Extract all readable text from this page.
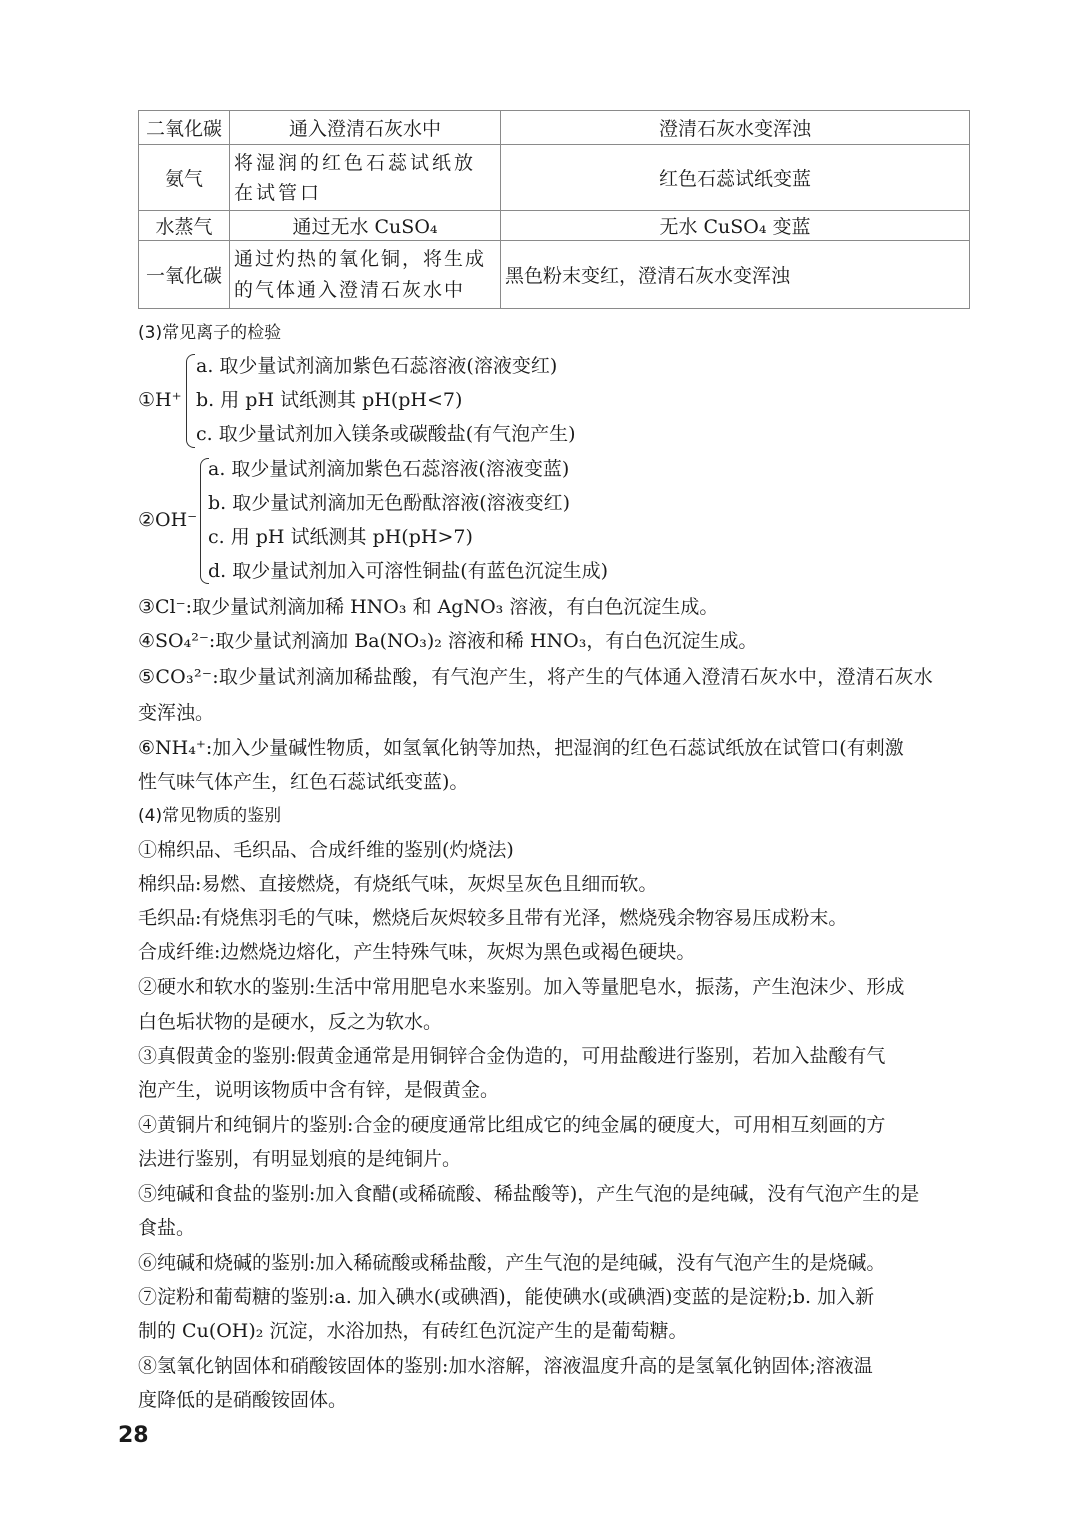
二氧化碳	通入澄清石灰水中	澄清石灰水变浑浊
氨气	将湿润的红色石蕊试纸放在试管口	红色石蕊试纸变蓝
水蒸气	通过无水 CuSO₄	无水 CuSO₄ 变蓝
一氧化碳	通过灼热的氧化铜，将生成的气体通入澄清石灰水中	黑色粉末变红，澄清石灰水变浑浊
(3)常见离子的检验
①H⁺
a. 取少量试剂滴加紫色石蕊溶液(溶液变红)
b. 用 pH 试纸测其 pH(pH<7)
c. 取少量试剂加入镁条或碳酸盐(有气泡产生)
②OH⁻
a. 取少量试剂滴加紫色石蕊溶液(溶液变蓝)
b. 取少量试剂滴加无色酚酞溶液(溶液变红)
c. 用 pH 试纸测其 pH(pH>7)
d. 取少量试剂加入可溶性铜盐(有蓝色沉淀生成)
③Cl⁻:取少量试剂滴加稀 HNO₃ 和 AgNO₃ 溶液，有白色沉淀生成。
④SO₄²⁻:取少量试剂滴加 Ba(NO₃)₂ 溶液和稀 HNO₃，有白色沉淀生成。
⑤CO₃²⁻:取少量试剂滴加稀盐酸，有气泡产生，将产生的气体通入澄清石灰水中，澄清石灰水
变浑浊。
⑥NH₄⁺:加入少量碱性物质，如氢氧化钠等加热，把湿润的红色石蕊试纸放在试管口(有刺激
性气味气体产生，红色石蕊试纸变蓝)。
(4)常见物质的鉴别
①棉织品、毛织品、合成纤维的鉴别(灼烧法)
棉织品:易燃、直接燃烧，有烧纸气味，灰烬呈灰色且细而软。
毛织品:有烧焦羽毛的气味，燃烧后灰烬较多且带有光泽，燃烧残余物容易压成粉末。
合成纤维:边燃烧边熔化，产生特殊气味，灰烬为黑色或褐色硬块。
②硬水和软水的鉴别:生活中常用肥皂水来鉴别。加入等量肥皂水，振荡，产生泡沫少、形成
白色垢状物的是硬水，反之为软水。
③真假黄金的鉴别:假黄金通常是用铜锌合金伪造的，可用盐酸进行鉴别，若加入盐酸有气
泡产生，说明该物质中含有锌，是假黄金。
④黄铜片和纯铜片的鉴别:合金的硬度通常比组成它的纯金属的硬度大，可用相互刻画的方
法进行鉴别，有明显划痕的是纯铜片。
⑤纯碱和食盐的鉴别:加入食醋(或稀硫酸、稀盐酸等)，产生气泡的是纯碱，没有气泡产生的是
食盐。
⑥纯碱和烧碱的鉴别:加入稀硫酸或稀盐酸，产生气泡的是纯碱，没有气泡产生的是烧碱。
⑦淀粉和葡萄糖的鉴别:a. 加入碘水(或碘酒)，能使碘水(或碘酒)变蓝的是淀粉;b. 加入新
制的 Cu(OH)₂ 沉淀，水浴加热，有砖红色沉淀产生的是葡萄糖。
⑧氢氧化钠固体和硝酸铵固体的鉴别:加水溶解，溶液温度升高的是氢氧化钠固体;溶液温
度降低的是硝酸铵固体。
28
